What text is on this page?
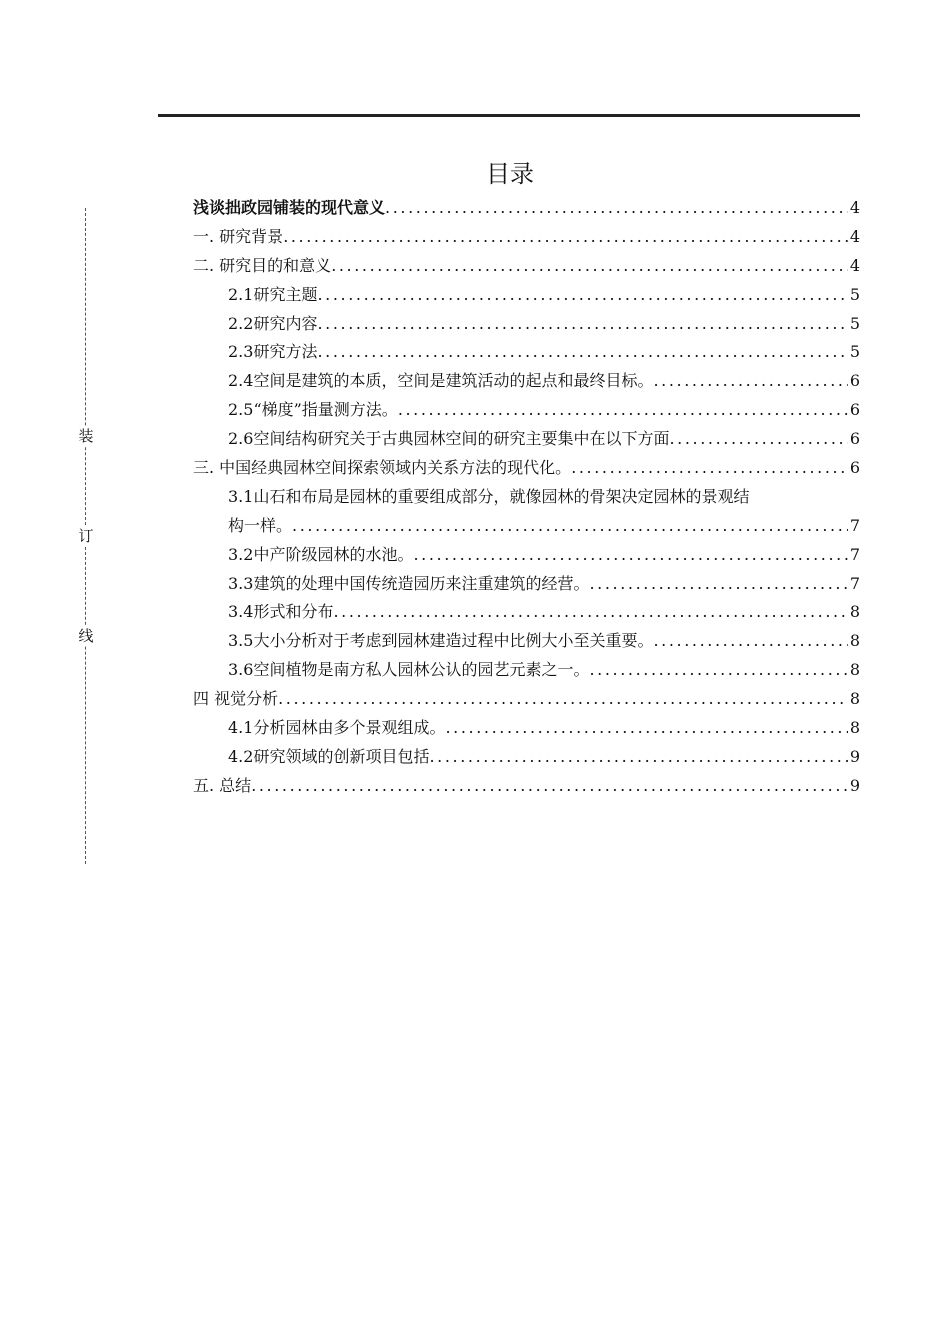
装
订
线
目录
浅谈拙政园铺装的现代意义 .....	4
一. 研究背景 .....	4
二. 研究目的和意义 .....	4
2.1研究主题 .....	5
2.2研究内容 .....	5
2.3研究方法 .....	5
2.4空间是建筑的本质，空间是建筑活动的起点和最终目标。 .....	6
2.5“梯度”指量测方法。 .....	6
2.6空间结构研究关于古典园林空间的研究主要集中在以下方面 .....	6
三. 中国经典园林空间探索领域内关系方法的现代化。 .....	6
3.1山石和布局是园林的重要组成部分，就像园林的骨架决定园林的景观结
构一样。 .....	7
3.2中产阶级园林的水池。 .....	7
3.3建筑的处理中国传统造园历来注重建筑的经营。 .....	7
3.4形式和分布 .....	8
3.5大小分析对于考虑到园林建造过程中比例大小至关重要。 .....	8
3.6空间植物是南方私人园林公认的园艺元素之一。 .....	8
四 视觉分析 .....	8
4.1分析园林由多个景观组成。 .....	8
4.2研究领域的创新项目包括 .....	9
五. 总结 .....	9
